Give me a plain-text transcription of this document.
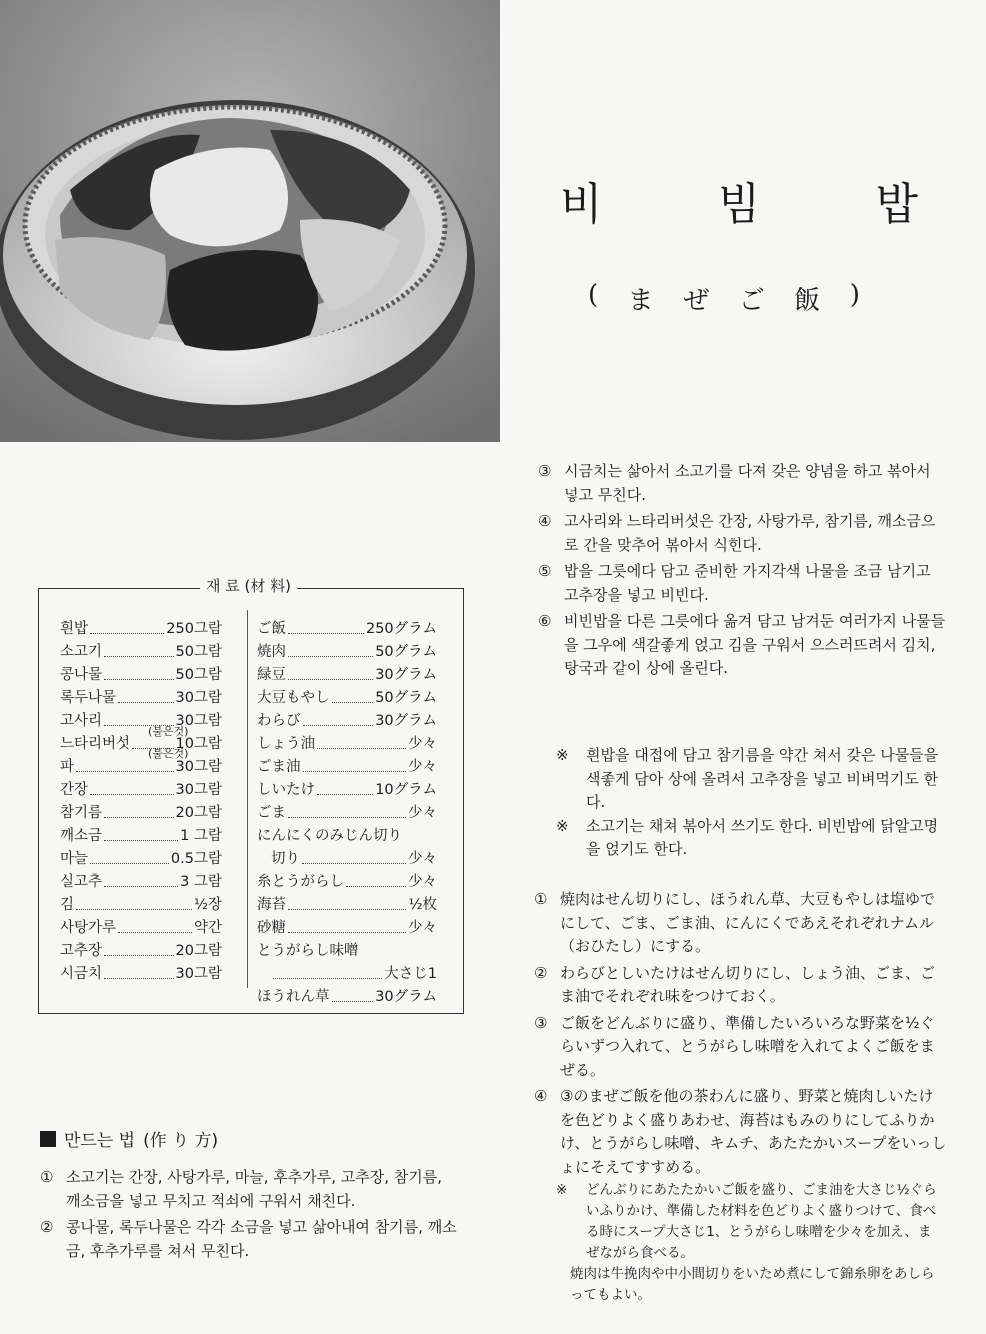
비	빔	밥
( ま ぜ ご 飯 )
재 료 (材 料)
흰밥	250그람
소고기	50그람
콩나물	50그람
록두나물	30그람
고사리	30그람
느타리버섯	10그람
파	30그람
간장	30그람
참기름	20그람
깨소금	1 그람
마늘	0.5그람
실고추	3 그람
김	½장
사탕가루	약간
고추장	20그람
시금치	30그람
(불은것)
(불은것)
ご飯	250グラム
焼肉	50グラム
緑豆	30グラム
大豆もやし	50グラム
わらび	30グラム
しょう油	少々
ごま油	少々
しいたけ	10グラム
ごま	少々
にんにくのみじん切り
切り	少々
糸とうがらし	少々
海苔	½枚
砂糖	少々
とうがらし味噌
大さじ1
ほうれん草	30グラム
만드는 법 (作 り 方)
① 소고기는 간장, 사탕가루, 마늘, 후추가루, 고추장, 참기름, 깨소금을 넣고 무치고 적쇠에 구워서 채친다.
② 콩나물, 록두나물은 각각 소금을 넣고 삶아내여 참기름, 깨소금, 후추가루를 쳐서 무친다.
③ 시금치는 삶아서 소고기를 다져 갖은 양념을 하고 볶아서 넣고 무친다.
④ 고사리와 느타리버섯은 간장, 사탕가루, 참기름, 깨소금으로 간을 맞추어 볶아서 식힌다.
⑤ 밥을 그릇에다 담고 준비한 가지각색 나물을 조금 남기고 고추장을 넣고 비빈다.
⑥ 비빈밥을 다른 그릇에다 옮겨 담고 남겨둔 여러가지 나물들을 그우에 색갈좋게 얹고 김을 구워서 으스러뜨려서 김치, 탕국과 같이 상에 올린다.
※	흰밥을 대접에 담고 참기름을 약간 쳐서 갖은 나물들을 색좋게 담아 상에 올려서 고추장을 넣고 비벼먹기도 한다.
※	소고기는 채쳐 볶아서 쓰기도 한다. 비빈밥에 닭알고명을 얹기도 한다.
① 焼肉はせん切りにし、ほうれん草、大豆もやしは塩ゆでにして、ごま、ごま油、にんにくであえそれぞれナムル（おひたし）にする。
② わらびとしいたけはせん切りにし、しょう油、ごま、ごま油でそれぞれ味をつけておく。
③ ご飯をどんぶりに盛り、準備したいろいろな野菜を½ぐらいずつ入れて、とうがらし味噌を入れてよくご飯をまぜる。
④ ③のまぜご飯を他の茶わんに盛り、野菜と焼肉しいたけを色どりよく盛りあわせ、海苔はもみのりにしてふりかけ、とうがらし味噌、キムチ、あたたかいスープをいっしょにそえてすすめる。
※	どんぶりにあたたかいご飯を盛り、ごま油を大さじ½ぐらいふりかけ、準備した材料を色どりよく盛りつけて、食べる時にスープ大さじ1、とうがらし味噌を少々を加え、まぜながら食べる。
焼肉は牛挽肉や中小間切りをいため煮にして錦糸卵をあしらってもよい。
